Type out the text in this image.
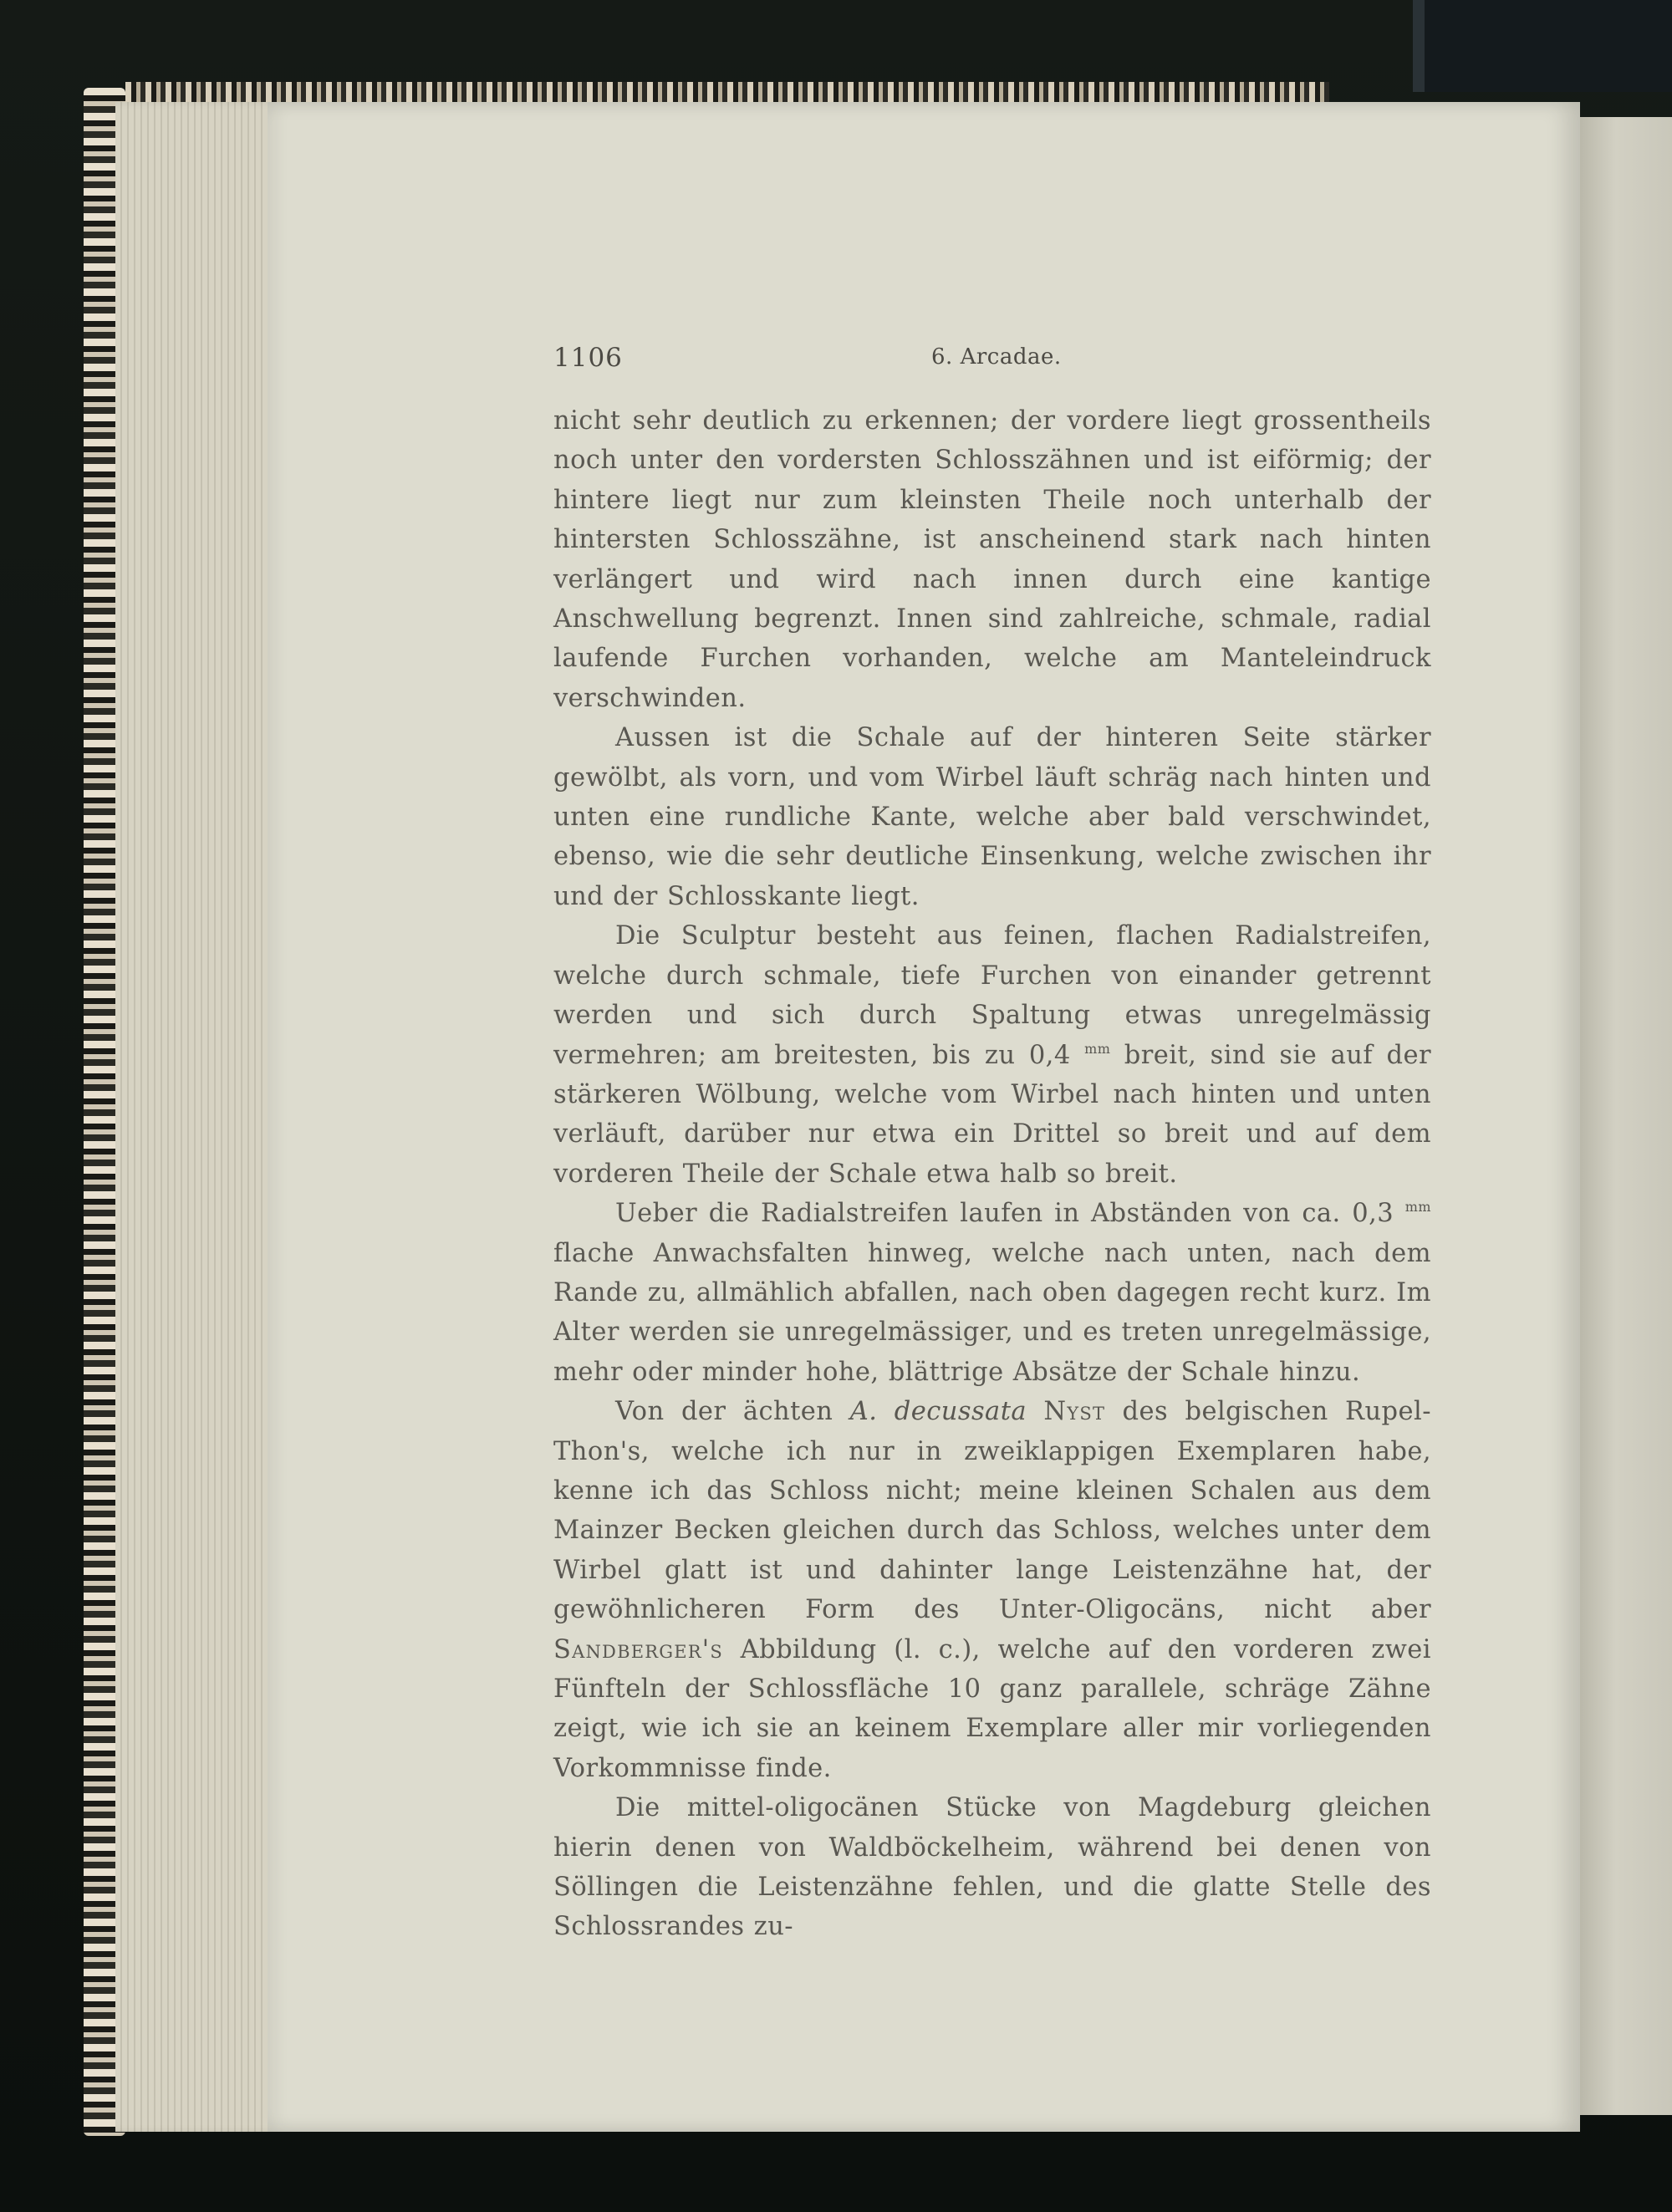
1106	6. Arcadae.

nicht sehr deutlich zu erkennen; der vordere liegt grossentheils noch unter den vordersten Schlosszähnen und ist eiförmig; der hintere liegt nur zum kleinsten Theile noch unterhalb der hintersten Schlosszähne, ist anscheinend stark nach hinten verlängert und wird nach innen durch eine kantige Anschwellung begrenzt. Innen sind zahlreiche, schmale, radial laufende Furchen vorhanden, welche am Manteleindruck verschwinden.

Aussen ist die Schale auf der hinteren Seite stärker gewölbt, als vorn, und vom Wirbel läuft schräg nach hinten und unten eine rundliche Kante, welche aber bald verschwindet, ebenso, wie die sehr deutliche Einsenkung, welche zwischen ihr und der Schlosskante liegt.

Die Sculptur besteht aus feinen, flachen Radialstreifen, welche durch schmale, tiefe Furchen von einander getrennt werden und sich durch Spaltung etwas unregelmässig vermehren; am breitesten, bis zu 0,4 $^{mm}$ breit, sind sie auf der stärkeren Wölbung, welche vom Wirbel nach hinten und unten verläuft, darüber nur etwa ein Drittel so breit und auf dem vorderen Theile der Schale etwa halb so breit.

Ueber die Radialstreifen laufen in Abständen von ca. 0,3 $^{mm}$ flache Anwachsfalten hinweg, welche nach unten, nach dem Rande zu, allmählich abfallen, nach oben dagegen recht kurz. Im Alter werden sie unregelmässiger, und es treten unregelmässige, mehr oder minder hohe, blättrige Absätze der Schale hinzu.

Von der ächten A. decussata Nyst des belgischen Rupel-Thon's, welche ich nur in zweiklappigen Exemplaren habe, kenne ich das Schloss nicht; meine kleinen Schalen aus dem Mainzer Becken gleichen durch das Schloss, welches unter dem Wirbel glatt ist und dahinter lange Leistenzähne hat, der gewöhnlicheren Form des Unter-Oligocäns, nicht aber Sandberger's Abbildung (l. c.), welche auf den vorderen zwei Fünfteln der Schlossfläche 10 ganz parallele, schräge Zähne zeigt, wie ich sie an keinem Exemplare aller mir vorliegenden Vorkommnisse finde.

Die mittel-oligocänen Stücke von Magdeburg gleichen hierin denen von Waldböckelheim, während bei denen von Söllingen die Leistenzähne fehlen, und die glatte Stelle des Schlossrandes zu-
